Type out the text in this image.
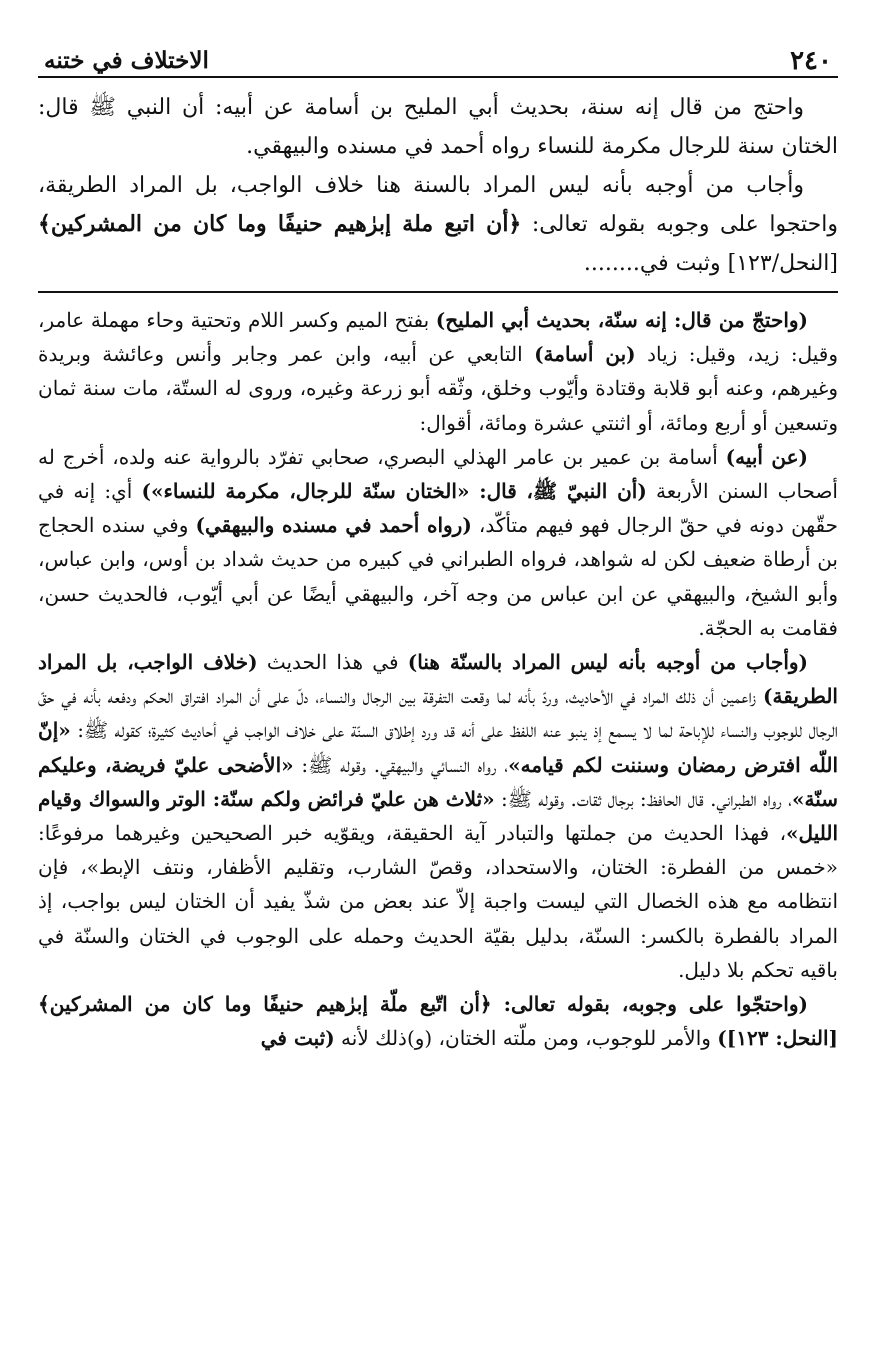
٢٤٠
الاختلاف في ختنه

واحتج من قال إنه سنة، بحديث أبي المليح بن أسامة عن أبيه: أن النبي ﷺ قال: الختان سنة للرجال مكرمة للنساء رواه أحمد في مسنده والبيهقي.

وأجاب من أوجبه بأنه ليس المراد بالسنة هنا خلاف الواجب، بل المراد الطريقة، واحتجوا على وجوبه بقوله تعالى: ﴿أن اتبع ملة إبرٰهيم حنيفًا وما كان من المشركين﴾ [النحل/١٢٣] وثبت في........

(واحتجّ من قال: إنه سنّة، بحديث أبي المليح) بفتح الميم وكسر اللام وتحتية وحاء مهملة عامر، وقيل: زيد، وقيل: زياد (بن أسامة) التابعي عن أبيه، وابن عمر وجابر وأنس وعائشة وبريدة وغيرهم، وعنه أبو قلابة وقتادة وأيّوب وخلق، وثّقه أبو زرعة وغيره، وروى له الستّة، مات سنة ثمان وتسعين أو أربع ومائة، أو اثنتي عشرة ومائة، أقوال:

(عن أبيه) أسامة بن عمير بن عامر الهذلي البصري، صحابي تفرّد بالرواية عنه ولده، أخرج له أصحاب السنن الأربعة (أن النبيّ ﷺ، قال: «الختان سنّة للرجال، مكرمة للنساء») أي: إنه في حقّهن دونه في حقّ الرجال فهو فيهم متأكّد، (رواه أحمد في مسنده والبيهقي) وفي سنده الحجاج بن أرطاة ضعيف لكن له شواهد، فرواه الطبراني في كبيره من حديث شداد بن أوس، وابن عباس، وأبو الشيخ، والبيهقي عن ابن عباس من وجه آخر، والبيهقي أيضًا عن أبي أيّوب، فالحديث حسن، فقامت به الحجّة.

(وأجاب من أوجبه بأنه ليس المراد بالسنّة هنا) في هذا الحديث (خلاف الواجب، بل المراد الطريقة) زاعمين أن ذلك المراد في الأحاديث، وردّ بأنه لما وقعت التفرقة بين الرجال والنساء، دلّ على أن المراد افتراق الحكم ودفعه بأنه في حقّ الرجال للوجوب والنساء للإباحة لما لا يسمع إذ ينبو عنه اللفظ على أنه قد ورد إطلاق السنّة على خلاف الواجب في أحاديث كثيرة؛ كقوله ﷺ: «إنّ اللّه افترض رمضان وسننت لكم قيامه»، رواه النسائي والبيهقي. وقوله ﷺ: «الأضحى عليّ فريضة، وعليكم سنّة»، رواه الطبراني. قال الحافظ: برجال ثقات. وقوله ﷺ: «ثلاث هن عليّ فرائض ولكم سنّة: الوتر والسواك وقيام الليل»، فهذا الحديث من جملتها والتبادر آية الحقيقة، ويقوّيه خبر الصحيحين وغيرهما مرفوعًا: «خمس من الفطرة: الختان، والاستحداد، وقصّ الشارب، وتقليم الأظفار، ونتف الإبط»، فإن انتظامه مع هذه الخصال التي ليست واجبة إلاّ عند بعض من شذّ يفيد أن الختان ليس بواجب، إذ المراد بالفطرة بالكسر: السنّة، بدليل بقيّة الحديث وحمله على الوجوب في الختان والسنّة في باقيه تحكم بلا دليل.

(واحتجّوا على وجوبه، بقوله تعالى: ﴿أن اتّبع ملّة إبرٰهيم حنيفًا وما كان من المشركين﴾ [النحل: ١٢٣]) والأمر للوجوب، ومن ملّته الختان، (و)ذلك لأنه (ثبت في
